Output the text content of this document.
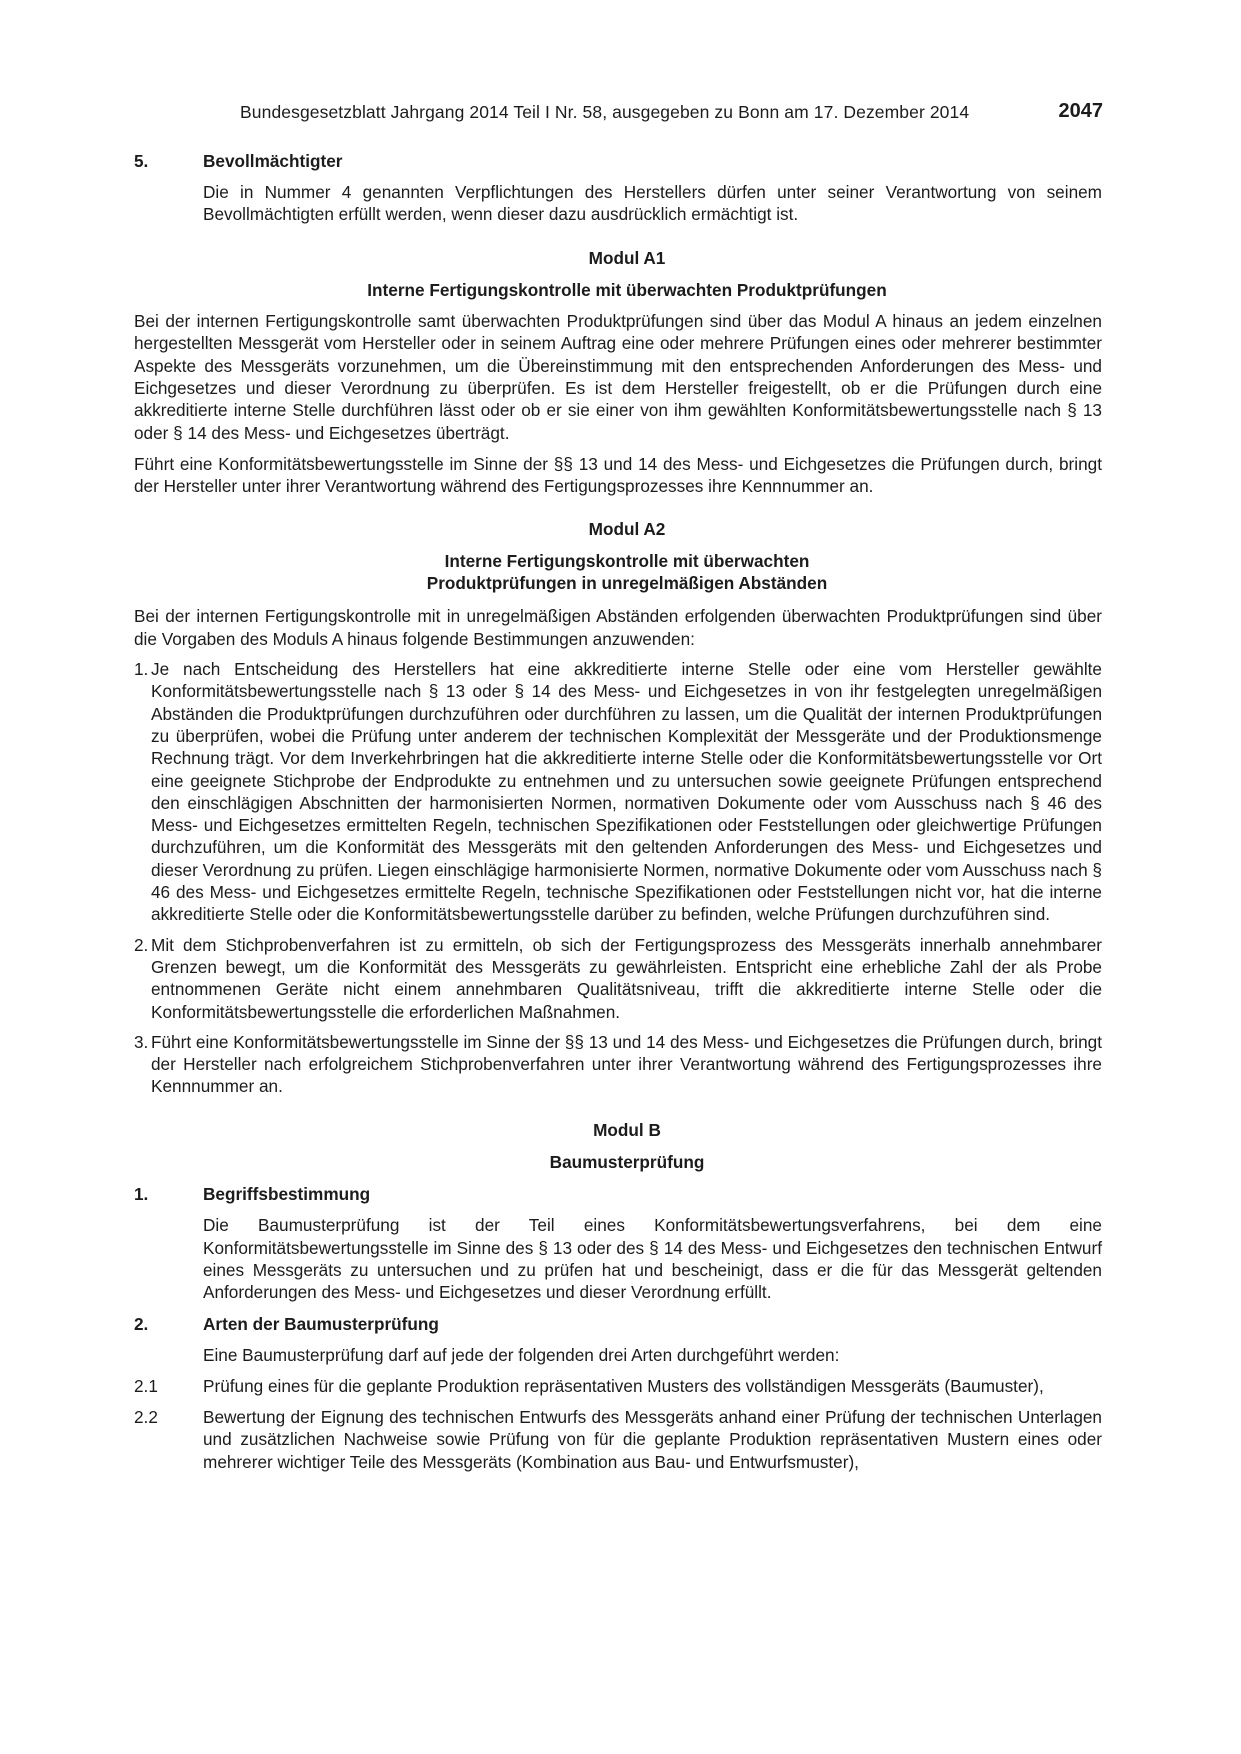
Bundesgesetzblatt Jahrgang 2014 Teil I Nr. 58, ausgegeben zu Bonn am 17. Dezember 2014	2047
5.	Bevollmächtigter

Die in Nummer 4 genannten Verpflichtungen des Herstellers dürfen unter seiner Verantwortung von seinem Bevollmächtigten erfüllt werden, wenn dieser dazu ausdrücklich ermächtigt ist.

Modul A1

Interne Fertigungskontrolle mit überwachten Produktprüfungen

Bei der internen Fertigungskontrolle samt überwachten Produktprüfungen sind über das Modul A hinaus an jedem einzelnen hergestellten Messgerät vom Hersteller oder in seinem Auftrag eine oder mehrere Prüfungen eines oder mehrerer bestimmter Aspekte des Messgeräts vorzunehmen, um die Übereinstimmung mit den entsprechenden Anforderungen des Mess- und Eichgesetzes und dieser Verordnung zu überprüfen. Es ist dem Hersteller freigestellt, ob er die Prüfungen durch eine akkreditierte interne Stelle durchführen lässt oder ob er sie einer von ihm gewählten Konformitätsbewertungsstelle nach § 13 oder § 14 des Mess- und Eichgesetzes überträgt.

Führt eine Konformitätsbewertungsstelle im Sinne der §§ 13 und 14 des Mess- und Eichgesetzes die Prüfungen durch, bringt der Hersteller unter ihrer Verantwortung während des Fertigungsprozesses ihre Kennnummer an.

Modul A2

Interne Fertigungskontrolle mit überwachten

Produktprüfungen in unregelmäßigen Abständen

Bei der internen Fertigungskontrolle mit in unregelmäßigen Abständen erfolgenden überwachten Produktprüfungen sind über die Vorgaben des Moduls A hinaus folgende Bestimmungen anzuwenden:

1. Je nach Entscheidung des Herstellers hat eine akkreditierte interne Stelle oder eine vom Hersteller gewählte Konformitätsbewertungsstelle nach § 13 oder § 14 des Mess- und Eichgesetzes in von ihr festgelegten unregelmäßigen Abständen die Produktprüfungen durchzuführen oder durchführen zu lassen, um die Qualität der internen Produktprüfungen zu überprüfen, wobei die Prüfung unter anderem der technischen Komplexität der Messgeräte und der Produktionsmenge Rechnung trägt. Vor dem Inverkehrbringen hat die akkreditierte interne Stelle oder die Konformitätsbewertungsstelle vor Ort eine geeignete Stichprobe der Endprodukte zu entnehmen und zu untersuchen sowie geeignete Prüfungen entsprechend den einschlägigen Abschnitten der harmonisierten Normen, normativen Dokumente oder vom Ausschuss nach § 46 des Mess- und Eichgesetzes ermittelten Regeln, technischen Spezifikationen oder Feststellungen oder gleichwertige Prüfungen durchzuführen, um die Konformität des Messgeräts mit den geltenden Anforderungen des Mess- und Eichgesetzes und dieser Verordnung zu prüfen. Liegen einschlägige harmonisierte Normen, normative Dokumente oder vom Ausschuss nach § 46 des Mess- und Eichgesetzes ermittelte Regeln, technische Spezifikationen oder Feststellungen nicht vor, hat die interne akkreditierte Stelle oder die Konformitätsbewertungsstelle darüber zu befinden, welche Prüfungen durchzuführen sind.
2. Mit dem Stichprobenverfahren ist zu ermitteln, ob sich der Fertigungsprozess des Messgeräts innerhalb annehmbarer Grenzen bewegt, um die Konformität des Messgeräts zu gewährleisten. Entspricht eine erhebliche Zahl der als Probe entnommenen Geräte nicht einem annehmbaren Qualitätsniveau, trifft die akkreditierte interne Stelle oder die Konformitätsbewertungsstelle die erforderlichen Maßnahmen.
3. Führt eine Konformitätsbewertungsstelle im Sinne der §§ 13 und 14 des Mess- und Eichgesetzes die Prüfungen durch, bringt der Hersteller nach erfolgreichem Stichprobenverfahren unter ihrer Verantwortung während des Fertigungsprozesses ihre Kennnummer an.

Modul B

Baumusterprüfung

1.	Begriffsbestimmung

Die Baumusterprüfung ist der Teil eines Konformitätsbewertungsverfahrens, bei dem eine Konformitätsbewertungsstelle im Sinne des § 13 oder des § 14 des Mess- und Eichgesetzes den technischen Entwurf eines Messgeräts zu untersuchen und zu prüfen hat und bescheinigt, dass er die für das Messgerät geltenden Anforderungen des Mess- und Eichgesetzes und dieser Verordnung erfüllt.

2.	Arten der Baumusterprüfung

Eine Baumusterprüfung darf auf jede der folgenden drei Arten durchgeführt werden:

2.1	Prüfung eines für die geplante Produktion repräsentativen Musters des vollständigen Messgeräts (Baumuster),
2.2	Bewertung der Eignung des technischen Entwurfs des Messgeräts anhand einer Prüfung der technischen Unterlagen und zusätzlichen Nachweise sowie Prüfung von für die geplante Produktion repräsentativen Mustern eines oder mehrerer wichtiger Teile des Messgeräts (Kombination aus Bau- und Entwurfsmuster),
